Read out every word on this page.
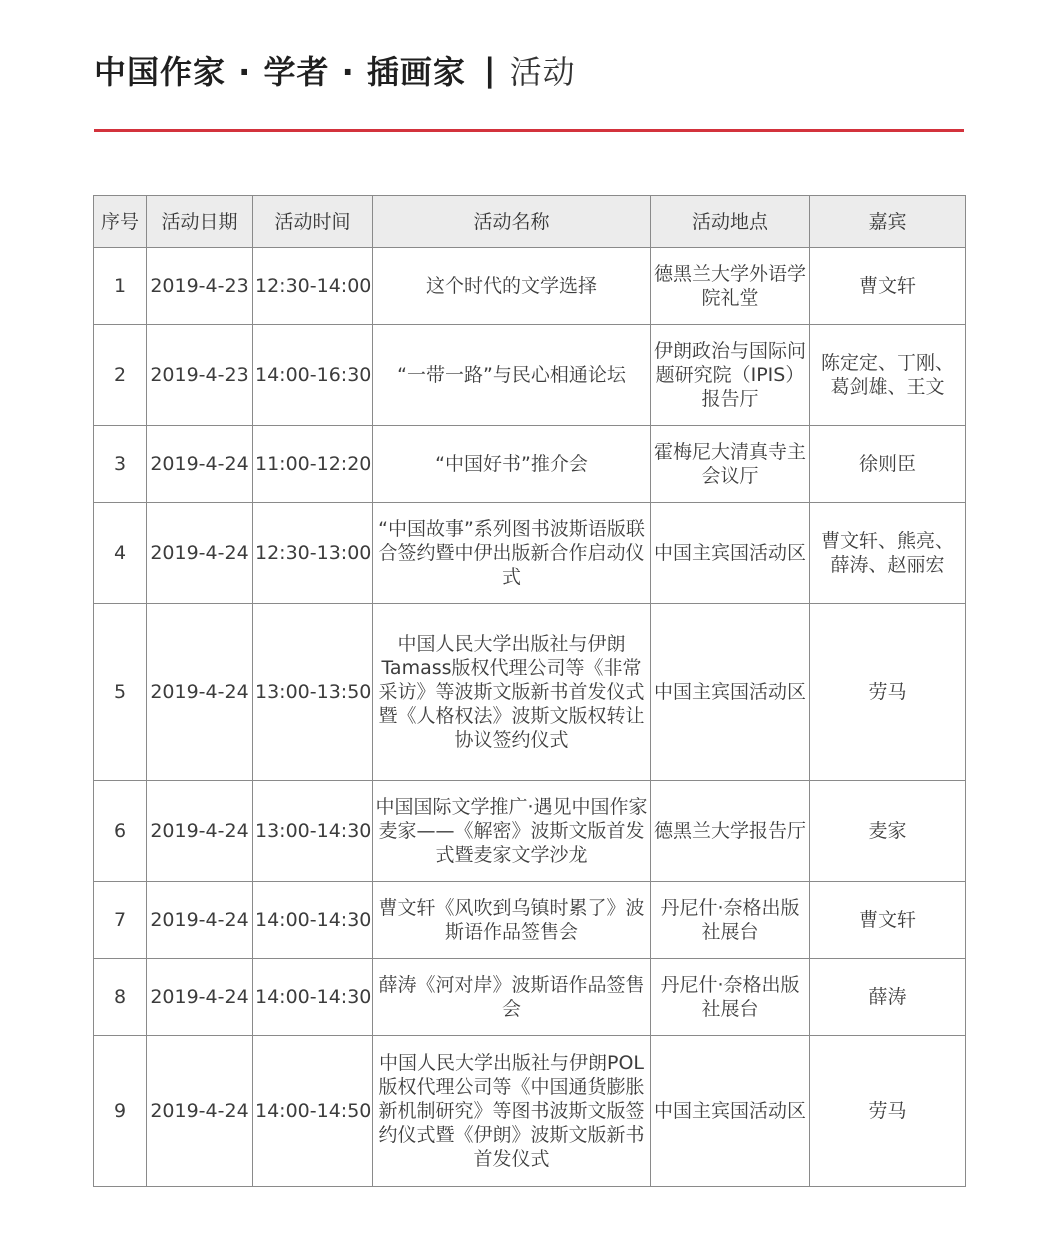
中国作家 · 学者 · 插画家 | 活动
序号	活动日期	活动时间	活动名称	活动地点	嘉宾
1	2019-4-23	12:30-14:00	这个时代的文学选择	德黑兰大学外语学院礼堂	曹文轩
2	2019-4-23	14:00-16:30	“一带一路”与民心相通论坛	伊朗政治与国际问题研究院（IPIS）报告厅	陈定定、丁刚、葛剑雄、王文
3	2019-4-24	11:00-12:20	“中国好书”推介会	霍梅尼大清真寺主会议厅	徐则臣
4	2019-4-24	12:30-13:00	“中国故事”系列图书波斯语版联合签约暨中伊出版新合作启动仪式	中国主宾国活动区	曹文轩、熊亮、薛涛、赵丽宏
5	2019-4-24	13:00-13:50	中国人民大学出版社与伊朗Tamass版权代理公司等《非常采访》等波斯文版新书首发仪式暨《人格权法》波斯文版权转让协议签约仪式	中国主宾国活动区	劳马
6	2019-4-24	13:00-14:30	中国国际文学推广·遇见中国作家麦家——《解密》波斯文版首发式暨麦家文学沙龙	德黑兰大学报告厅	麦家
7	2019-4-24	14:00-14:30	曹文轩《风吹到乌镇时累了》波斯语作品签售会	丹尼什·奈格出版社展台	曹文轩
8	2019-4-24	14:00-14:30	薛涛《河对岸》波斯语作品签售会	丹尼什·奈格出版社展台	薛涛
9	2019-4-24	14:00-14:50	中国人民大学出版社与伊朗POL版权代理公司等《中国通货膨胀新机制研究》等图书波斯文版签约仪式暨《伊朗》波斯文版新书首发仪式	中国主宾国活动区	劳马
